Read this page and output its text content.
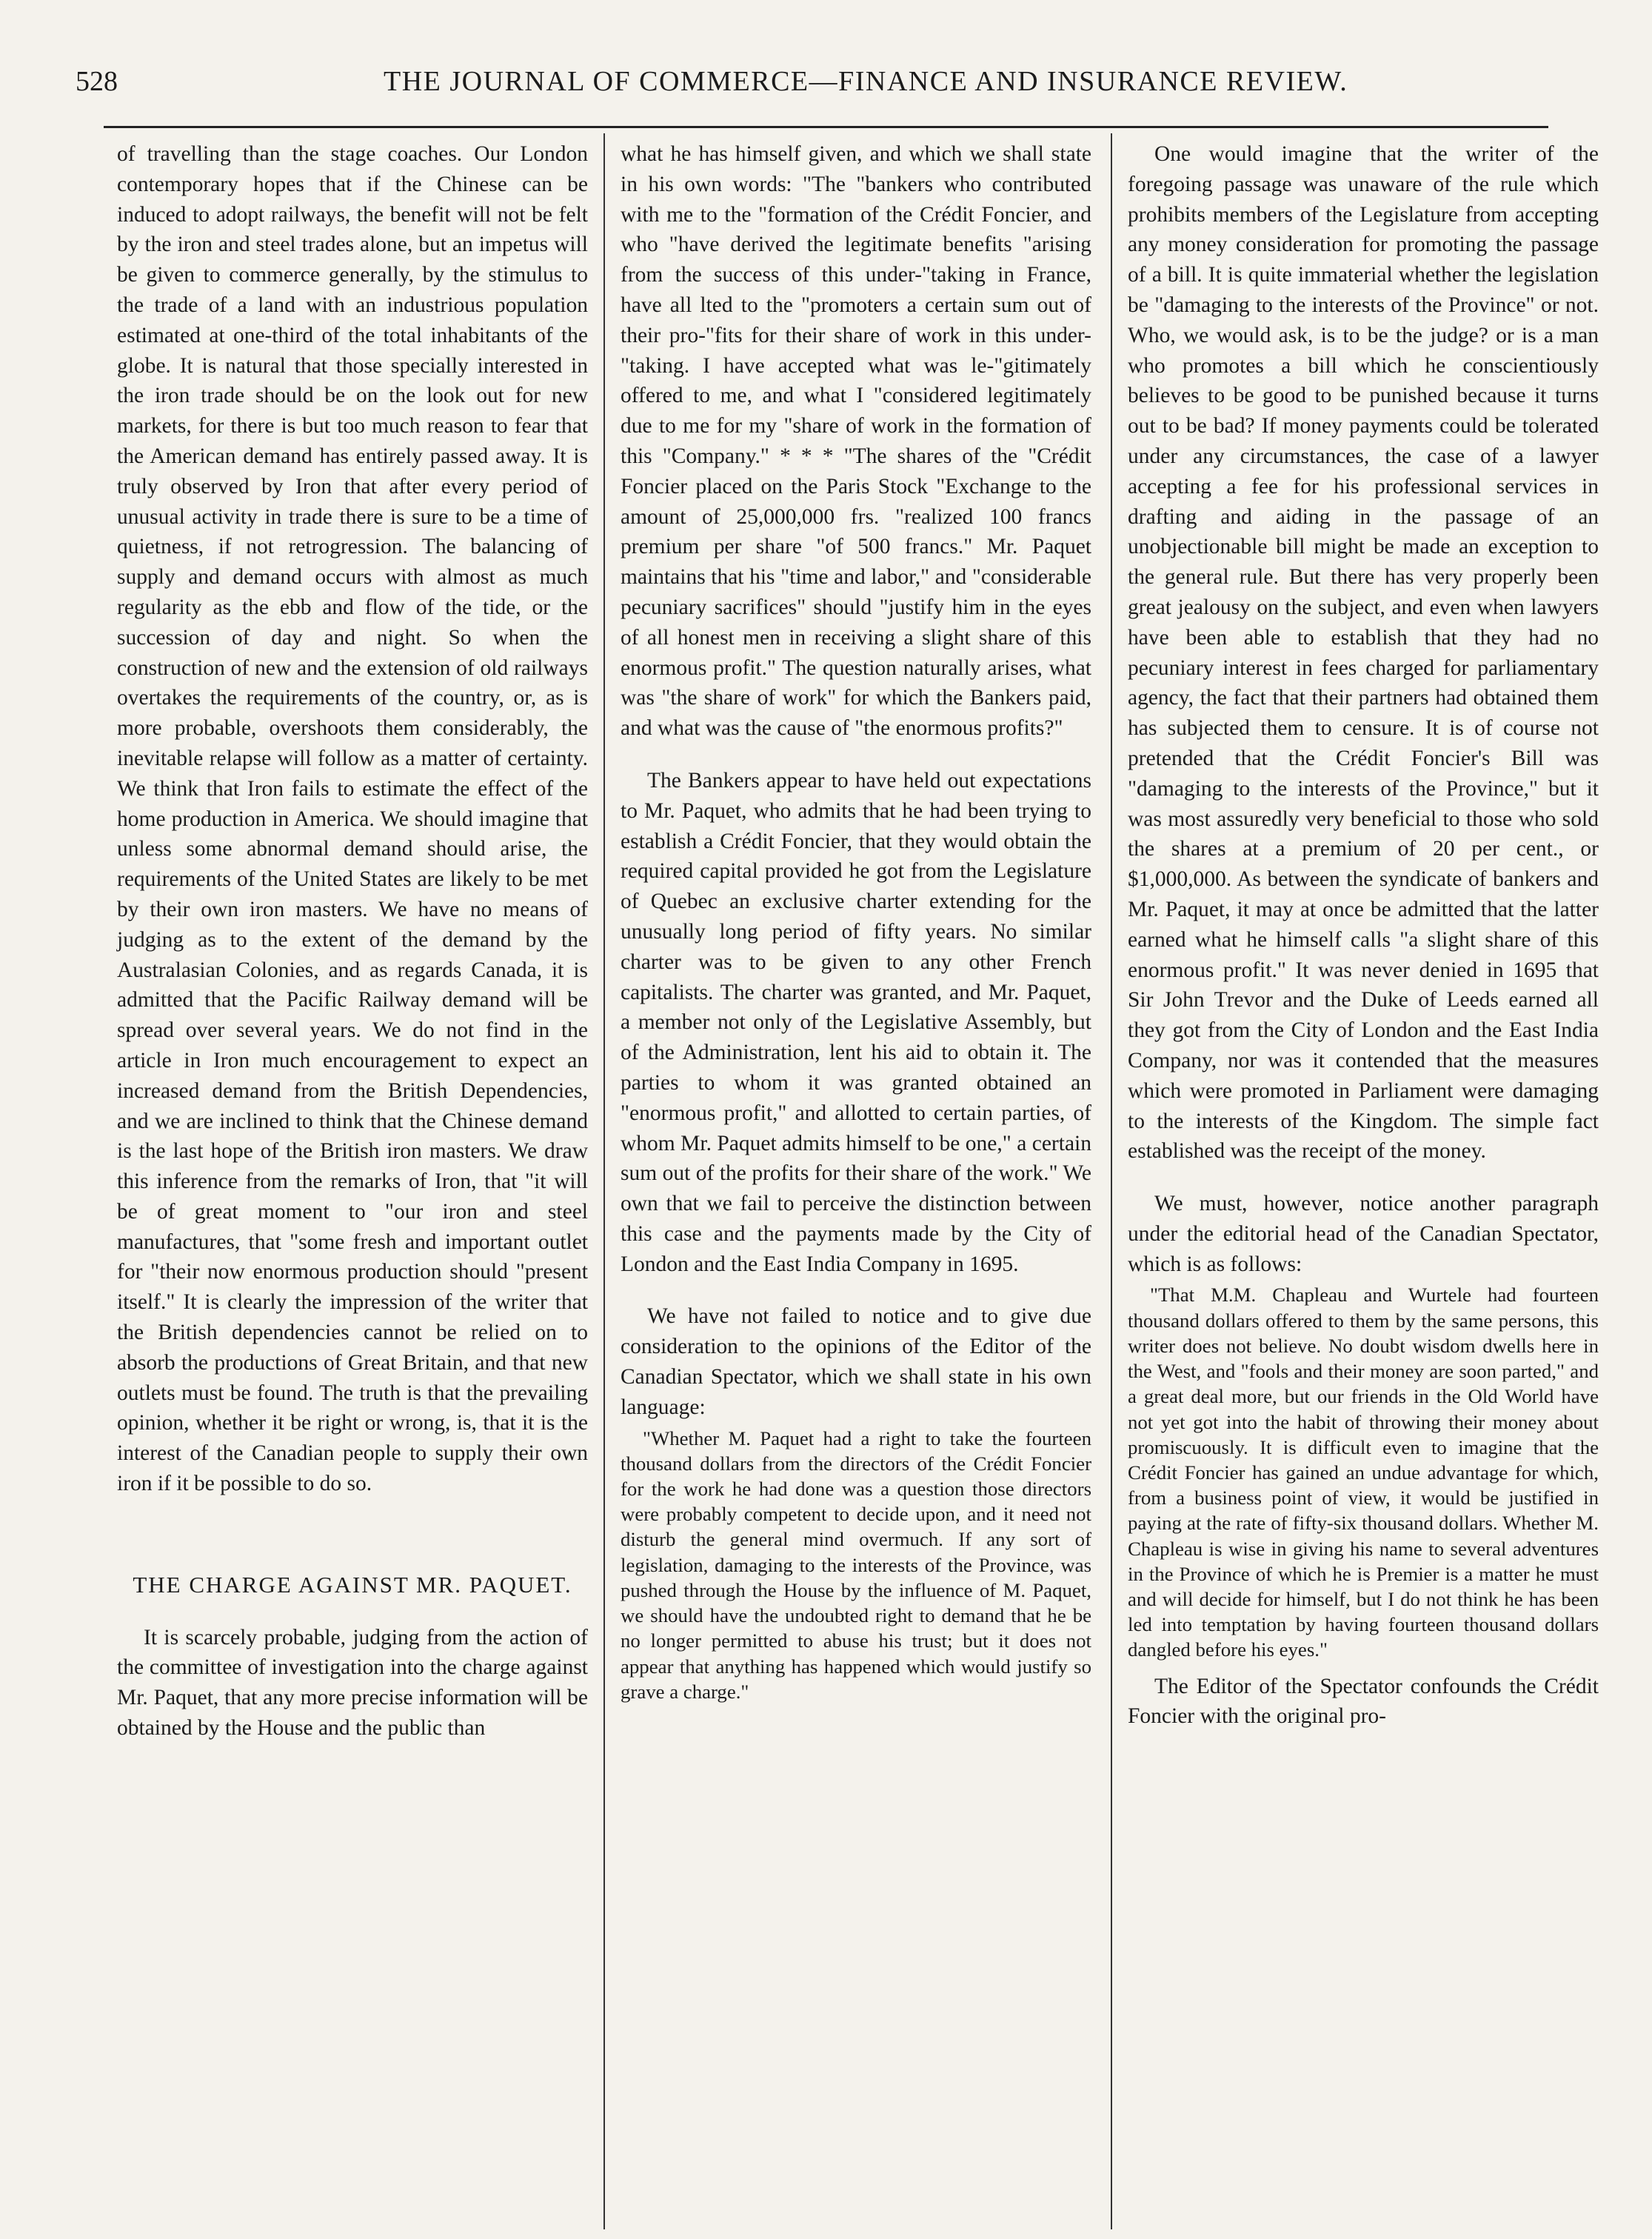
528	THE JOURNAL OF COMMERCE—FINANCE AND INSURANCE REVIEW.

of travelling than the stage coaches. Our London contemporary hopes that if the Chinese can be induced to adopt railways, the benefit will not be felt by the iron and steel trades alone, but an impetus will be given to commerce generally, by the stimulus to the trade of a land with an industrious population estimated at one-third of the total inhabitants of the globe. It is natural that those specially interested in the iron trade should be on the look out for new markets, for there is but too much reason to fear that the American demand has entirely passed away. It is truly observed by Iron that after every period of unusual activity in trade there is sure to be a time of quietness, if not retrogression. The balancing of supply and demand occurs with almost as much regularity as the ebb and flow of the tide, or the succession of day and night. So when the construction of new and the extension of old railways overtakes the requirements of the country, or, as is more probable, overshoots them considerably, the inevitable relapse will follow as a matter of certainty. We think that Iron fails to estimate the effect of the home production in America. We should imagine that unless some abnormal demand should arise, the requirements of the United States are likely to be met by their own iron masters. We have no means of judging as to the extent of the demand by the Australasian Colonies, and as regards Canada, it is admitted that the Pacific Railway demand will be spread over several years. We do not find in the article in Iron much encouragement to expect an increased demand from the British Dependencies, and we are inclined to think that the Chinese demand is the last hope of the British iron masters. We draw this inference from the remarks of Iron, that "it will be of great moment to "our iron and steel manufactures, that "some fresh and important outlet for "their now enormous production should "present itself." It is clearly the impression of the writer that the British dependencies cannot be relied on to absorb the productions of Great Britain, and that new outlets must be found. The truth is that the prevailing opinion, whether it be right or wrong, is, that it is the interest of the Canadian people to supply their own iron if it be possible to do so.

THE CHARGE AGAINST MR. PAQUET.

It is scarcely probable, judging from the action of the committee of investigation into the charge against Mr. Paquet, that any more precise information will be obtained by the House and the public than

what he has himself given, and which we shall state in his own words: "The "bankers who contributed with me to the "formation of the Crédit Foncier, and who "have derived the legitimate benefits "arising from the success of this under-"taking in France, have all lted to the "promoters a certain sum out of their pro-"fits for their share of work in this under-"taking. I have accepted what was le-"gitimately offered to me, and what I "considered legitimately due to me for my "share of work in the formation of this "Company." * * * "The shares of the "Crédit Foncier placed on the Paris Stock "Exchange to the amount of 25,000,000 frs. "realized 100 francs premium per share "of 500 francs." Mr. Paquet maintains that his "time and labor," and "considerable pecuniary sacrifices" should "justify him in the eyes of all honest men in receiving a slight share of this enormous profit." The question naturally arises, what was "the share of work" for which the Bankers paid, and what was the cause of "the enormous profits?"

The Bankers appear to have held out expectations to Mr. Paquet, who admits that he had been trying to establish a Crédit Foncier, that they would obtain the required capital provided he got from the Legislature of Quebec an exclusive charter extending for the unusually long period of fifty years. No similar charter was to be given to any other French capitalists. The charter was granted, and Mr. Paquet, a member not only of the Legislative Assembly, but of the Administration, lent his aid to obtain it. The parties to whom it was granted obtained an "enormous profit," and allotted to certain parties, of whom Mr. Paquet admits himself to be one," a certain sum out of the profits for their share of the work." We own that we fail to perceive the distinction between this case and the payments made by the City of London and the East India Company in 1695.

We have not failed to notice and to give due consideration to the opinions of the Editor of the Canadian Spectator, which we shall state in his own language:

"Whether M. Paquet had a right to take the fourteen thousand dollars from the directors of the Crédit Foncier for the work he had done was a question those directors were probably competent to decide upon, and it need not disturb the general mind overmuch. If any sort of legislation, damaging to the interests of the Province, was pushed through the House by the influence of M. Paquet, we should have the undoubted right to demand that he be no longer permitted to abuse his trust; but it does not appear that anything has happened which would justify so grave a charge."

One would imagine that the writer of the foregoing passage was unaware of the rule which prohibits members of the Legislature from accepting any money consideration for promoting the passage of a bill. It is quite immaterial whether the legislation be "damaging to the interests of the Province" or not. Who, we would ask, is to be the judge? or is a man who promotes a bill which he conscientiously believes to be good to be punished because it turns out to be bad? If money payments could be tolerated under any circumstances, the case of a lawyer accepting a fee for his professional services in drafting and aiding in the passage of an unobjectionable bill might be made an exception to the general rule. But there has very properly been great jealousy on the subject, and even when lawyers have been able to establish that they had no pecuniary interest in fees charged for parliamentary agency, the fact that their partners had obtained them has subjected them to censure. It is of course not pretended that the Crédit Foncier's Bill was "damaging to the interests of the Province," but it was most assuredly very beneficial to those who sold the shares at a premium of 20 per cent., or $1,000,000. As between the syndicate of bankers and Mr. Paquet, it may at once be admitted that the latter earned what he himself calls "a slight share of this enormous profit." It was never denied in 1695 that Sir John Trevor and the Duke of Leeds earned all they got from the City of London and the East India Company, nor was it contended that the measures which were promoted in Parliament were damaging to the interests of the Kingdom. The simple fact established was the receipt of the money.

We must, however, notice another paragraph under the editorial head of the Canadian Spectator, which is as follows:

"That M.M. Chapleau and Wurtele had fourteen thousand dollars offered to them by the same persons, this writer does not believe. No doubt wisdom dwells here in the West, and "fools and their money are soon parted," and a great deal more, but our friends in the Old World have not yet got into the habit of throwing their money about promiscuously. It is difficult even to imagine that the Crédit Foncier has gained an undue advantage for which, from a business point of view, it would be justified in paying at the rate of fifty-six thousand dollars. Whether M. Chapleau is wise in giving his name to several adventures in the Province of which he is Premier is a matter he must and will decide for himself, but I do not think he has been led into temptation by having fourteen thousand dollars dangled before his eyes."

The Editor of the Spectator confounds the Crédit Foncier with the original pro-
